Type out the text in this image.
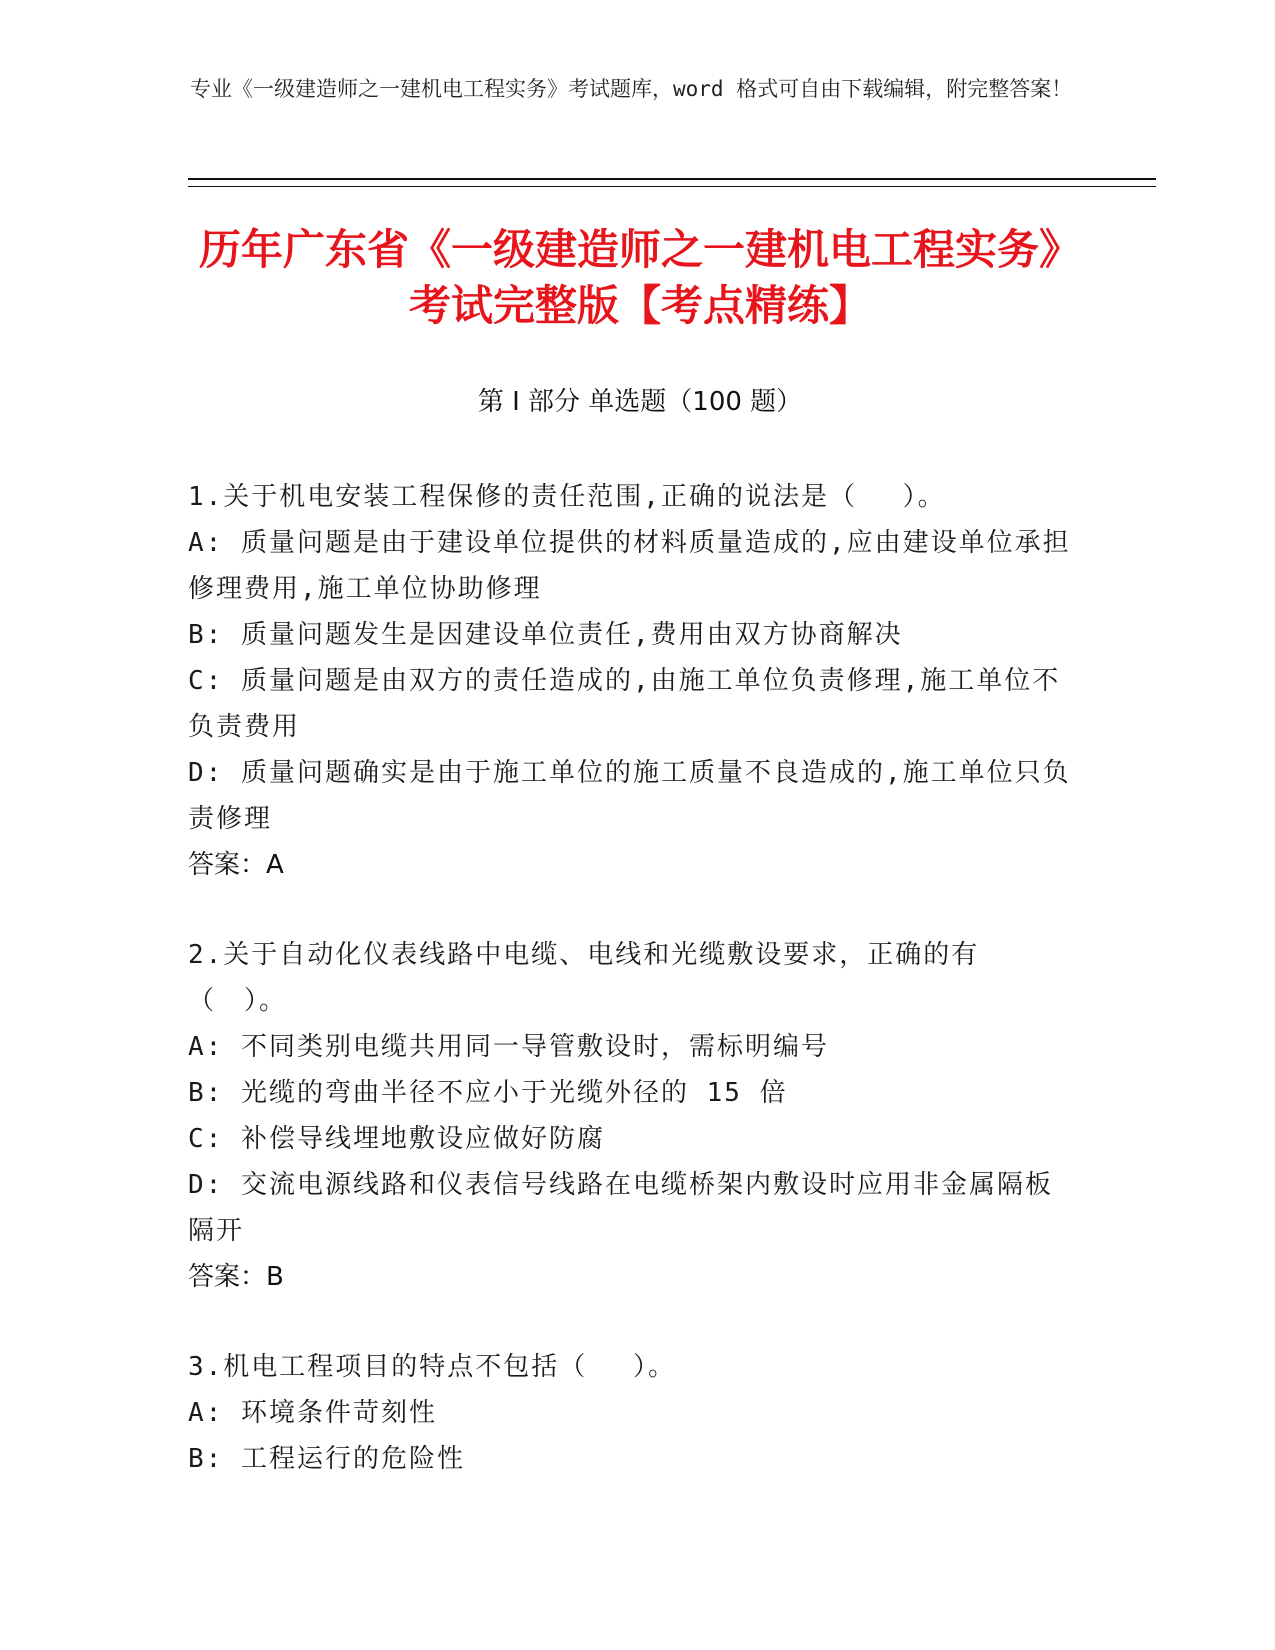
专业《一级建造师之一建机电工程实务》考试题库，word 格式可自由下载编辑，附完整答案！
历年广东省《一级建造师之一建机电工程实务》考试完整版【考点精练】
第 I 部分 单选题（100 题）
1.关于机电安装工程保修的责任范围,正确的说法是（　 ）。
A: 质量问题是由于建设单位提供的材料质量造成的,应由建设单位承担修理费用,施工单位协助修理
B: 质量问题发生是因建设单位责任,费用由双方协商解决
C: 质量问题是由双方的责任造成的,由施工单位负责修理,施工单位不负责费用
D: 质量问题确实是由于施工单位的施工质量不良造成的,施工单位只负责修理
答案：A
2.关于自动化仪表线路中电缆、电线和光缆敷设要求，正确的有（　）。
A: 不同类别电缆共用同一导管敷设时，需标明编号
B: 光缆的弯曲半径不应小于光缆外径的 15 倍
C: 补偿导线埋地敷设应做好防腐
D: 交流电源线路和仪表信号线路在电缆桥架内敷设时应用非金属隔板隔开
答案：B
3.机电工程项目的特点不包括（　 ）。
A: 环境条件苛刻性
B: 工程运行的危险性
